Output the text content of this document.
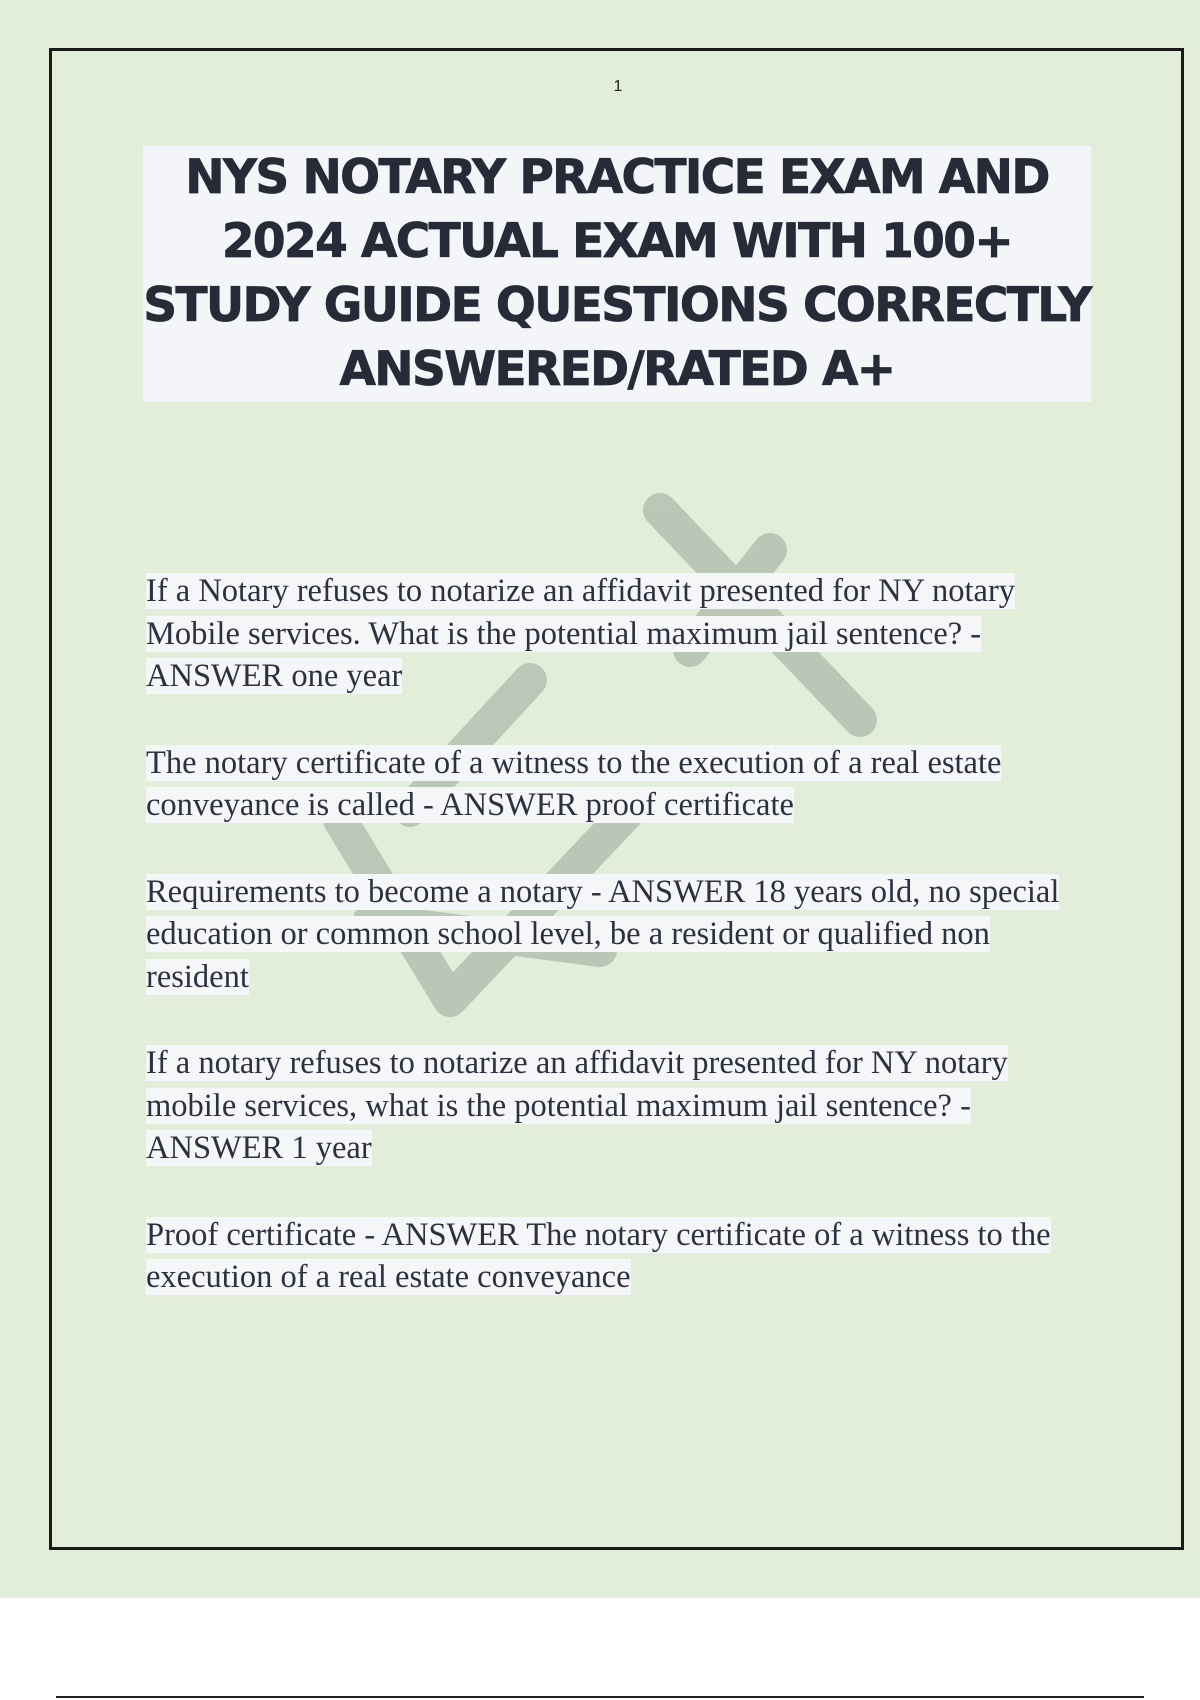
1
NYS NOTARY PRACTICE EXAM AND 2024 ACTUAL EXAM WITH 100+ STUDY GUIDE QUESTIONS CORRECTLY ANSWERED/RATED A+

If a Notary refuses to notarize an affidavit presented for NY notary Mobile services. What is the potential maximum jail sentence? - ANSWER one year

The notary certificate of a witness to the execution of a real estate conveyance is called - ANSWER proof certificate

Requirements to become a notary - ANSWER 18 years old, no special education or common school level, be a resident or qualified non resident

If a notary refuses to notarize an affidavit presented for NY notary mobile services, what is the potential maximum jail sentence? - ANSWER 1 year

Proof certificate - ANSWER The notary certificate of a witness to the execution of a real estate conveyance
